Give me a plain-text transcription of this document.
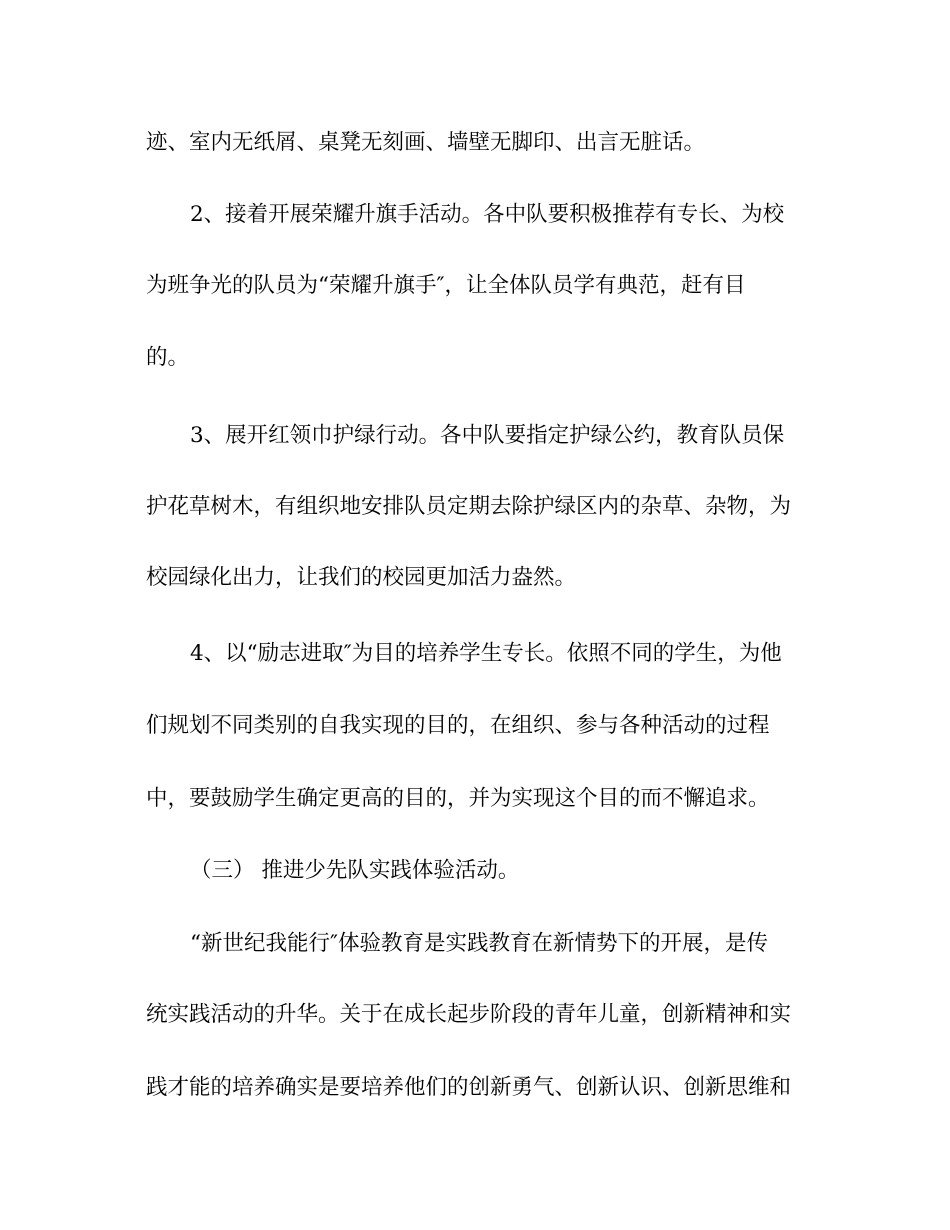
迹、室内无纸屑、桌凳无刻画、墙壁无脚印、出言无脏话。
2、接着开展荣耀升旗手活动。各中队要积极推荐有专长、为校
为班争光的队员为“荣耀升旗手″，让全体队员学有典范，赶有目
的。
3、展开红领巾护绿行动。各中队要指定护绿公约，教育队员保
护花草树木，有组织地安排队员定期去除护绿区内的杂草、杂物，为
校园绿化出力，让我们的校园更加活力盎然。
4、以“励志进取″为目的培养学生专长。依照不同的学生，为他
们规划不同类别的自我实现的目的，在组织、参与各种活动的过程
中，要鼓励学生确定更高的目的，并为实现这个目的而不懈追求。
（三） 推进少先队实践体验活动。
“新世纪我能行″体验教育是实践教育在新情势下的开展，是传
统实践活动的升华。关于在成长起步阶段的青年儿童，创新精神和实
践才能的培养确实是要培养他们的创新勇气、创新认识、创新思维和
